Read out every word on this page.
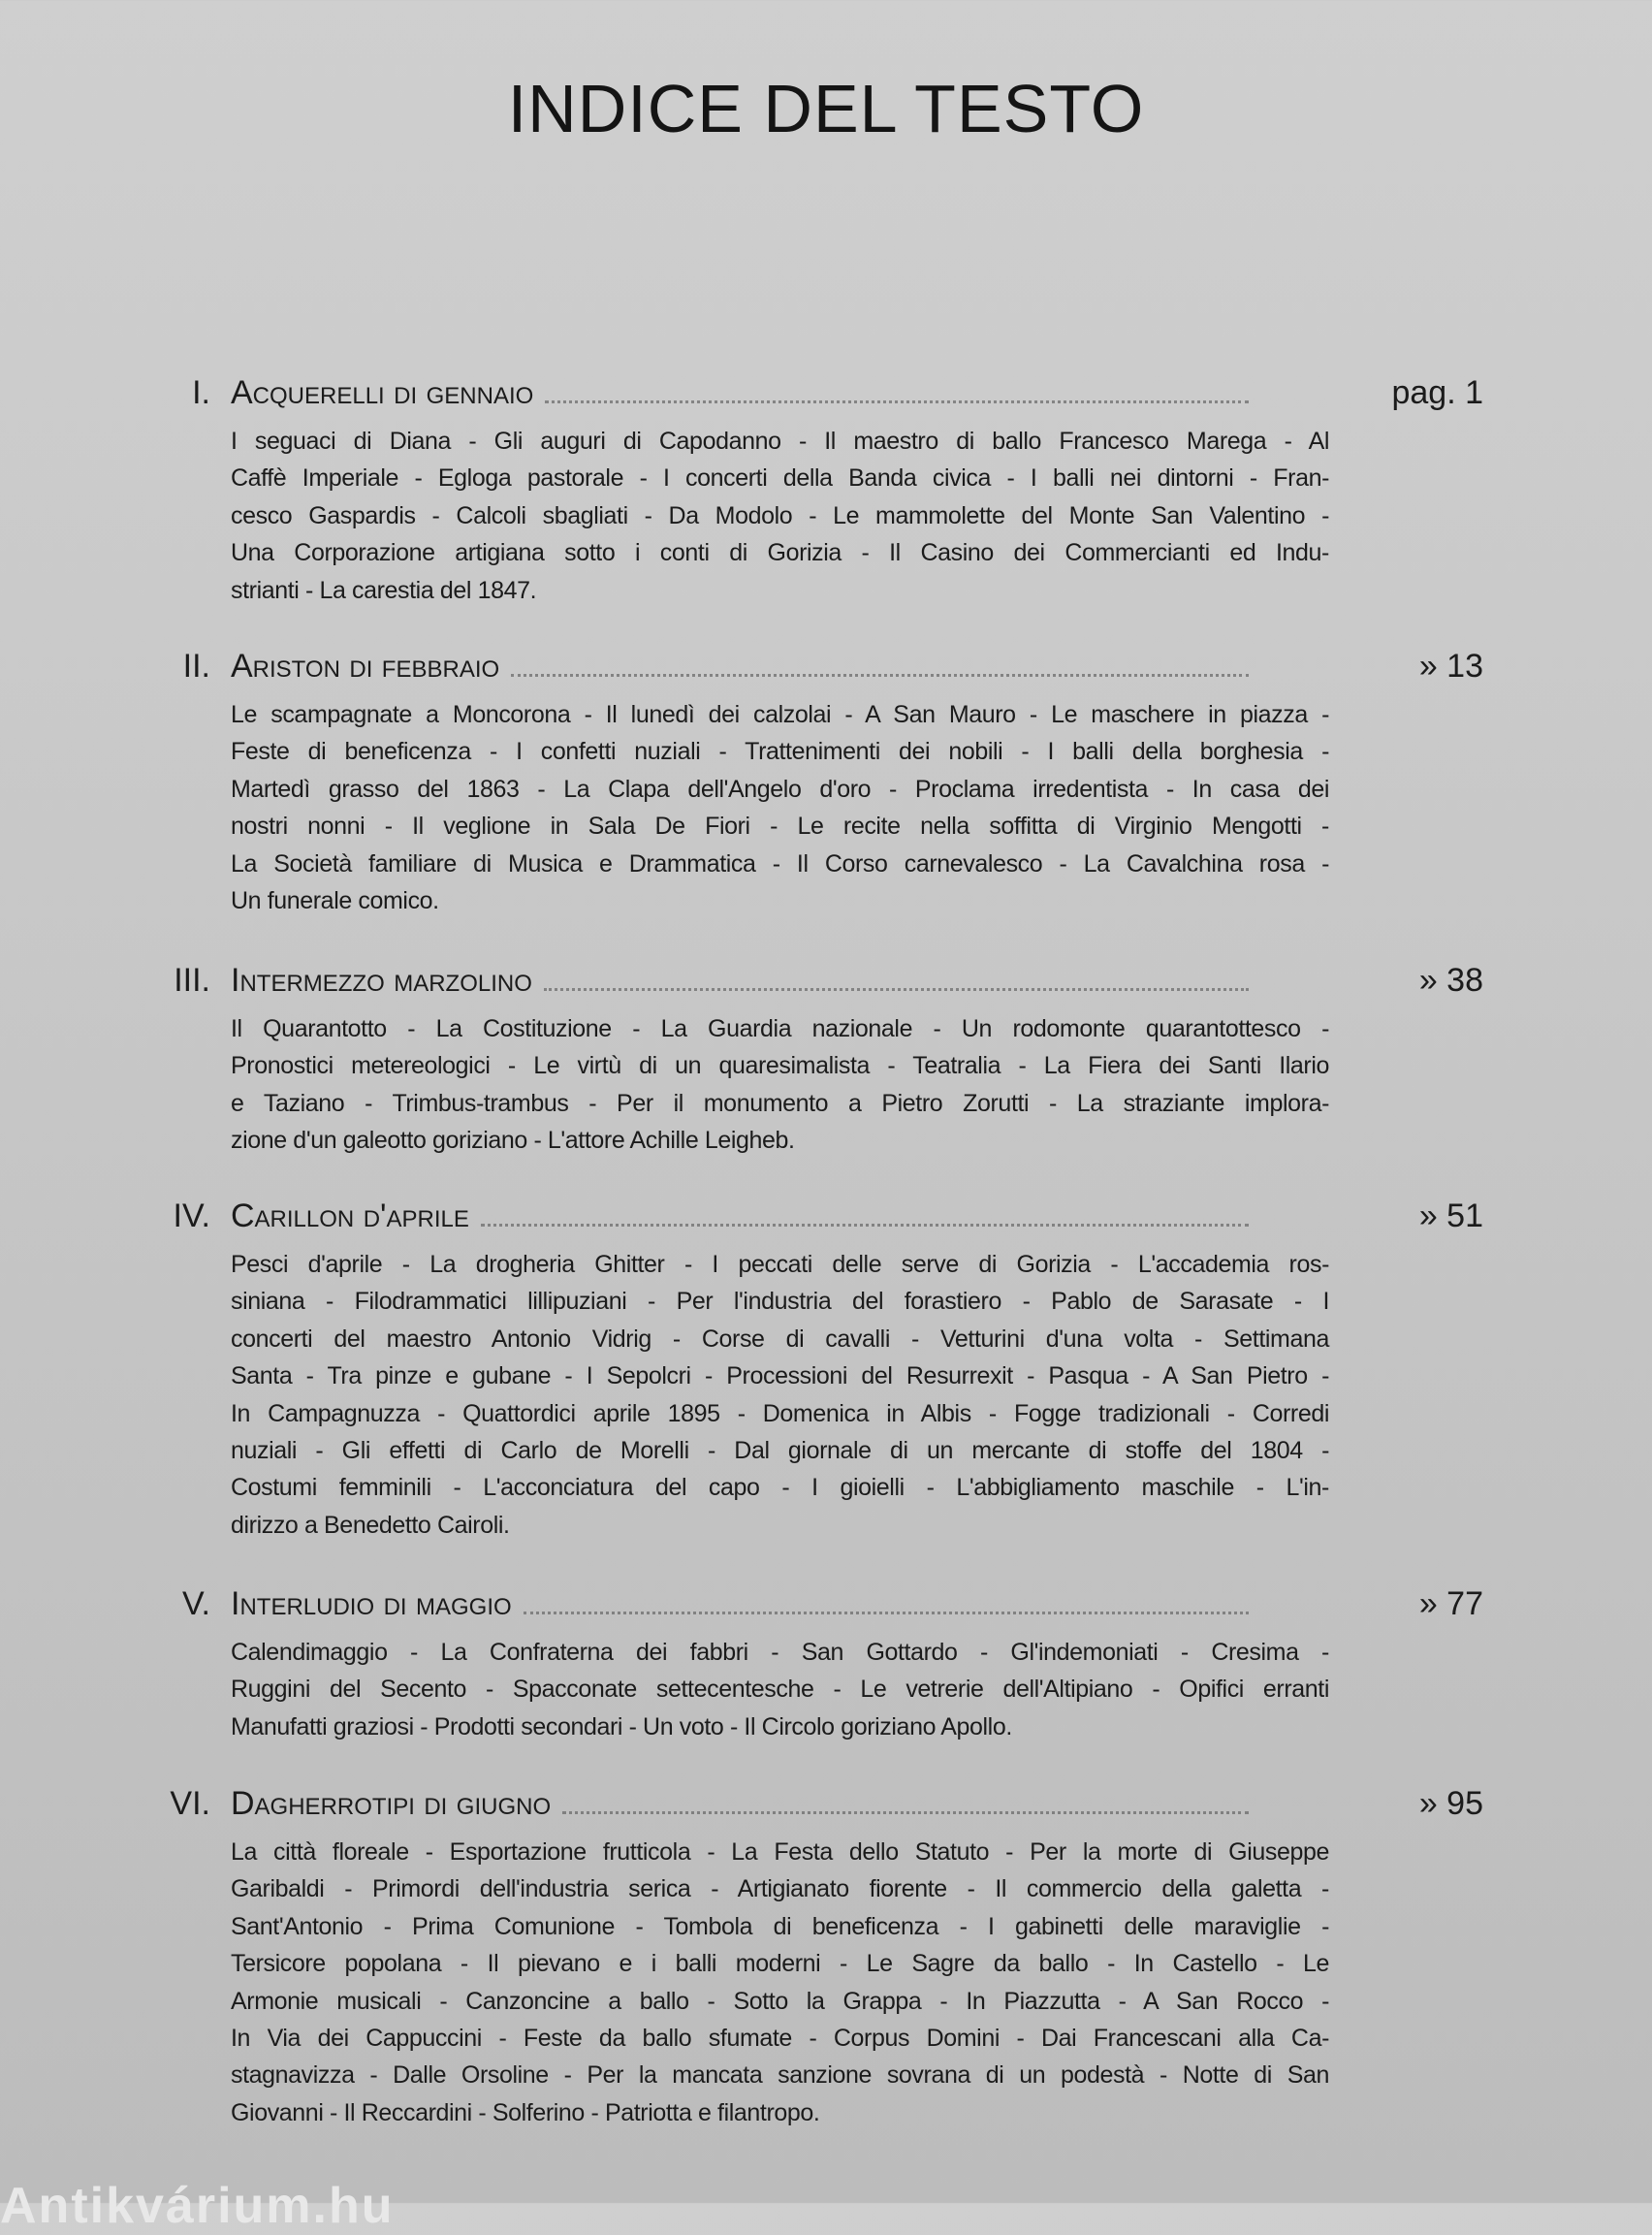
INDICE DEL TESTO
I. Acquerelli di gennaio	pag. 1
I seguaci di Diana - Gli auguri di Capodanno - Il maestro di ballo Francesco Marega - Al
Caffè Imperiale - Egloga pastorale - I concerti della Banda civica - I balli nei dintorni - Fran-
cesco Gaspardis - Calcoli sbagliati - Da Modolo - Le mammolette del Monte San Valentino -
Una Corporazione artigiana sotto i conti di Gorizia - Il Casino dei Commercianti ed Indu-
strianti - La carestia del 1847.
II. Ariston di febbraio	» 13
Le scampagnate a Moncorona - Il lunedì dei calzolai - A San Mauro - Le maschere in piazza -
Feste di beneficenza - I confetti nuziali - Trattenimenti dei nobili - I balli della borghesia -
Martedì grasso del 1863 - La Clapa dell'Angelo d'oro - Proclama irredentista - In casa dei
nostri nonni - Il veglione in Sala De Fiori - Le recite nella soffitta di Virginio Mengotti -
La Società familiare di Musica e Drammatica - Il Corso carnevalesco - La Cavalchina rosa -
Un funerale comico.
III. Intermezzo marzolino	» 38
Il Quarantotto - La Costituzione - La Guardia nazionale - Un rodomonte quarantottesco -
Pronostici metereologici - Le virtù di un quaresimalista - Teatralia - La Fiera dei Santi Ilario
e Taziano - Trimbus-trambus - Per il monumento a Pietro Zorutti - La straziante implora-
zione d'un galeotto goriziano - L'attore Achille Leigheb.
IV. Carillon d'aprile	» 51
Pesci d'aprile - La drogheria Ghitter - I peccati delle serve di Gorizia - L'accademia ros-
siniana - Filodrammatici lillipuziani - Per l'industria del forastiero - Pablo de Sarasate - I
concerti del maestro Antonio Vidrig - Corse di cavalli - Vetturini d'una volta - Settimana
Santa - Tra pinze e gubane - I Sepolcri - Processioni del Resurrexit - Pasqua - A San Pietro -
In Campagnuzza - Quattordici aprile 1895 - Domenica in Albis - Fogge tradizionali - Corredi
nuziali - Gli effetti di Carlo de Morelli - Dal giornale di un mercante di stoffe del 1804 -
Costumi femminili - L'acconciatura del capo - I gioielli - L'abbigliamento maschile - L'in-
dirizzo a Benedetto Cairoli.
V. Interludio di maggio	» 77
Calendimaggio - La Confraterna dei fabbri - San Gottardo - Gl'indemoniati - Cresima -
Ruggini del Secento - Spacconate settecentesche - Le vetrerie dell'Altipiano - Opifici erranti
Manufatti graziosi - Prodotti secondari - Un voto - Il Circolo goriziano Apollo.
VI. Dagherrotipi di giugno	» 95
La città floreale - Esportazione frutticola - La Festa dello Statuto - Per la morte di Giuseppe
Garibaldi - Primordi dell'industria serica - Artigianato fiorente - Il commercio della galetta -
Sant'Antonio - Prima Comunione - Tombola di beneficenza - I gabinetti delle maraviglie -
Tersicore popolana - Il pievano e i balli moderni - Le Sagre da ballo - In Castello - Le
Armonie musicali - Canzoncine a ballo - Sotto la Grappa - In Piazzutta - A San Rocco -
In Via dei Cappuccini - Feste da ballo sfumate - Corpus Domini - Dai Francescani alla Ca-
stagnavizza - Dalle Orsoline - Per la mancata sanzione sovrana di un podestà - Notte di San
Giovanni - Il Reccardini - Solferino - Patriotta e filantropo.
Antikvárium.hu
